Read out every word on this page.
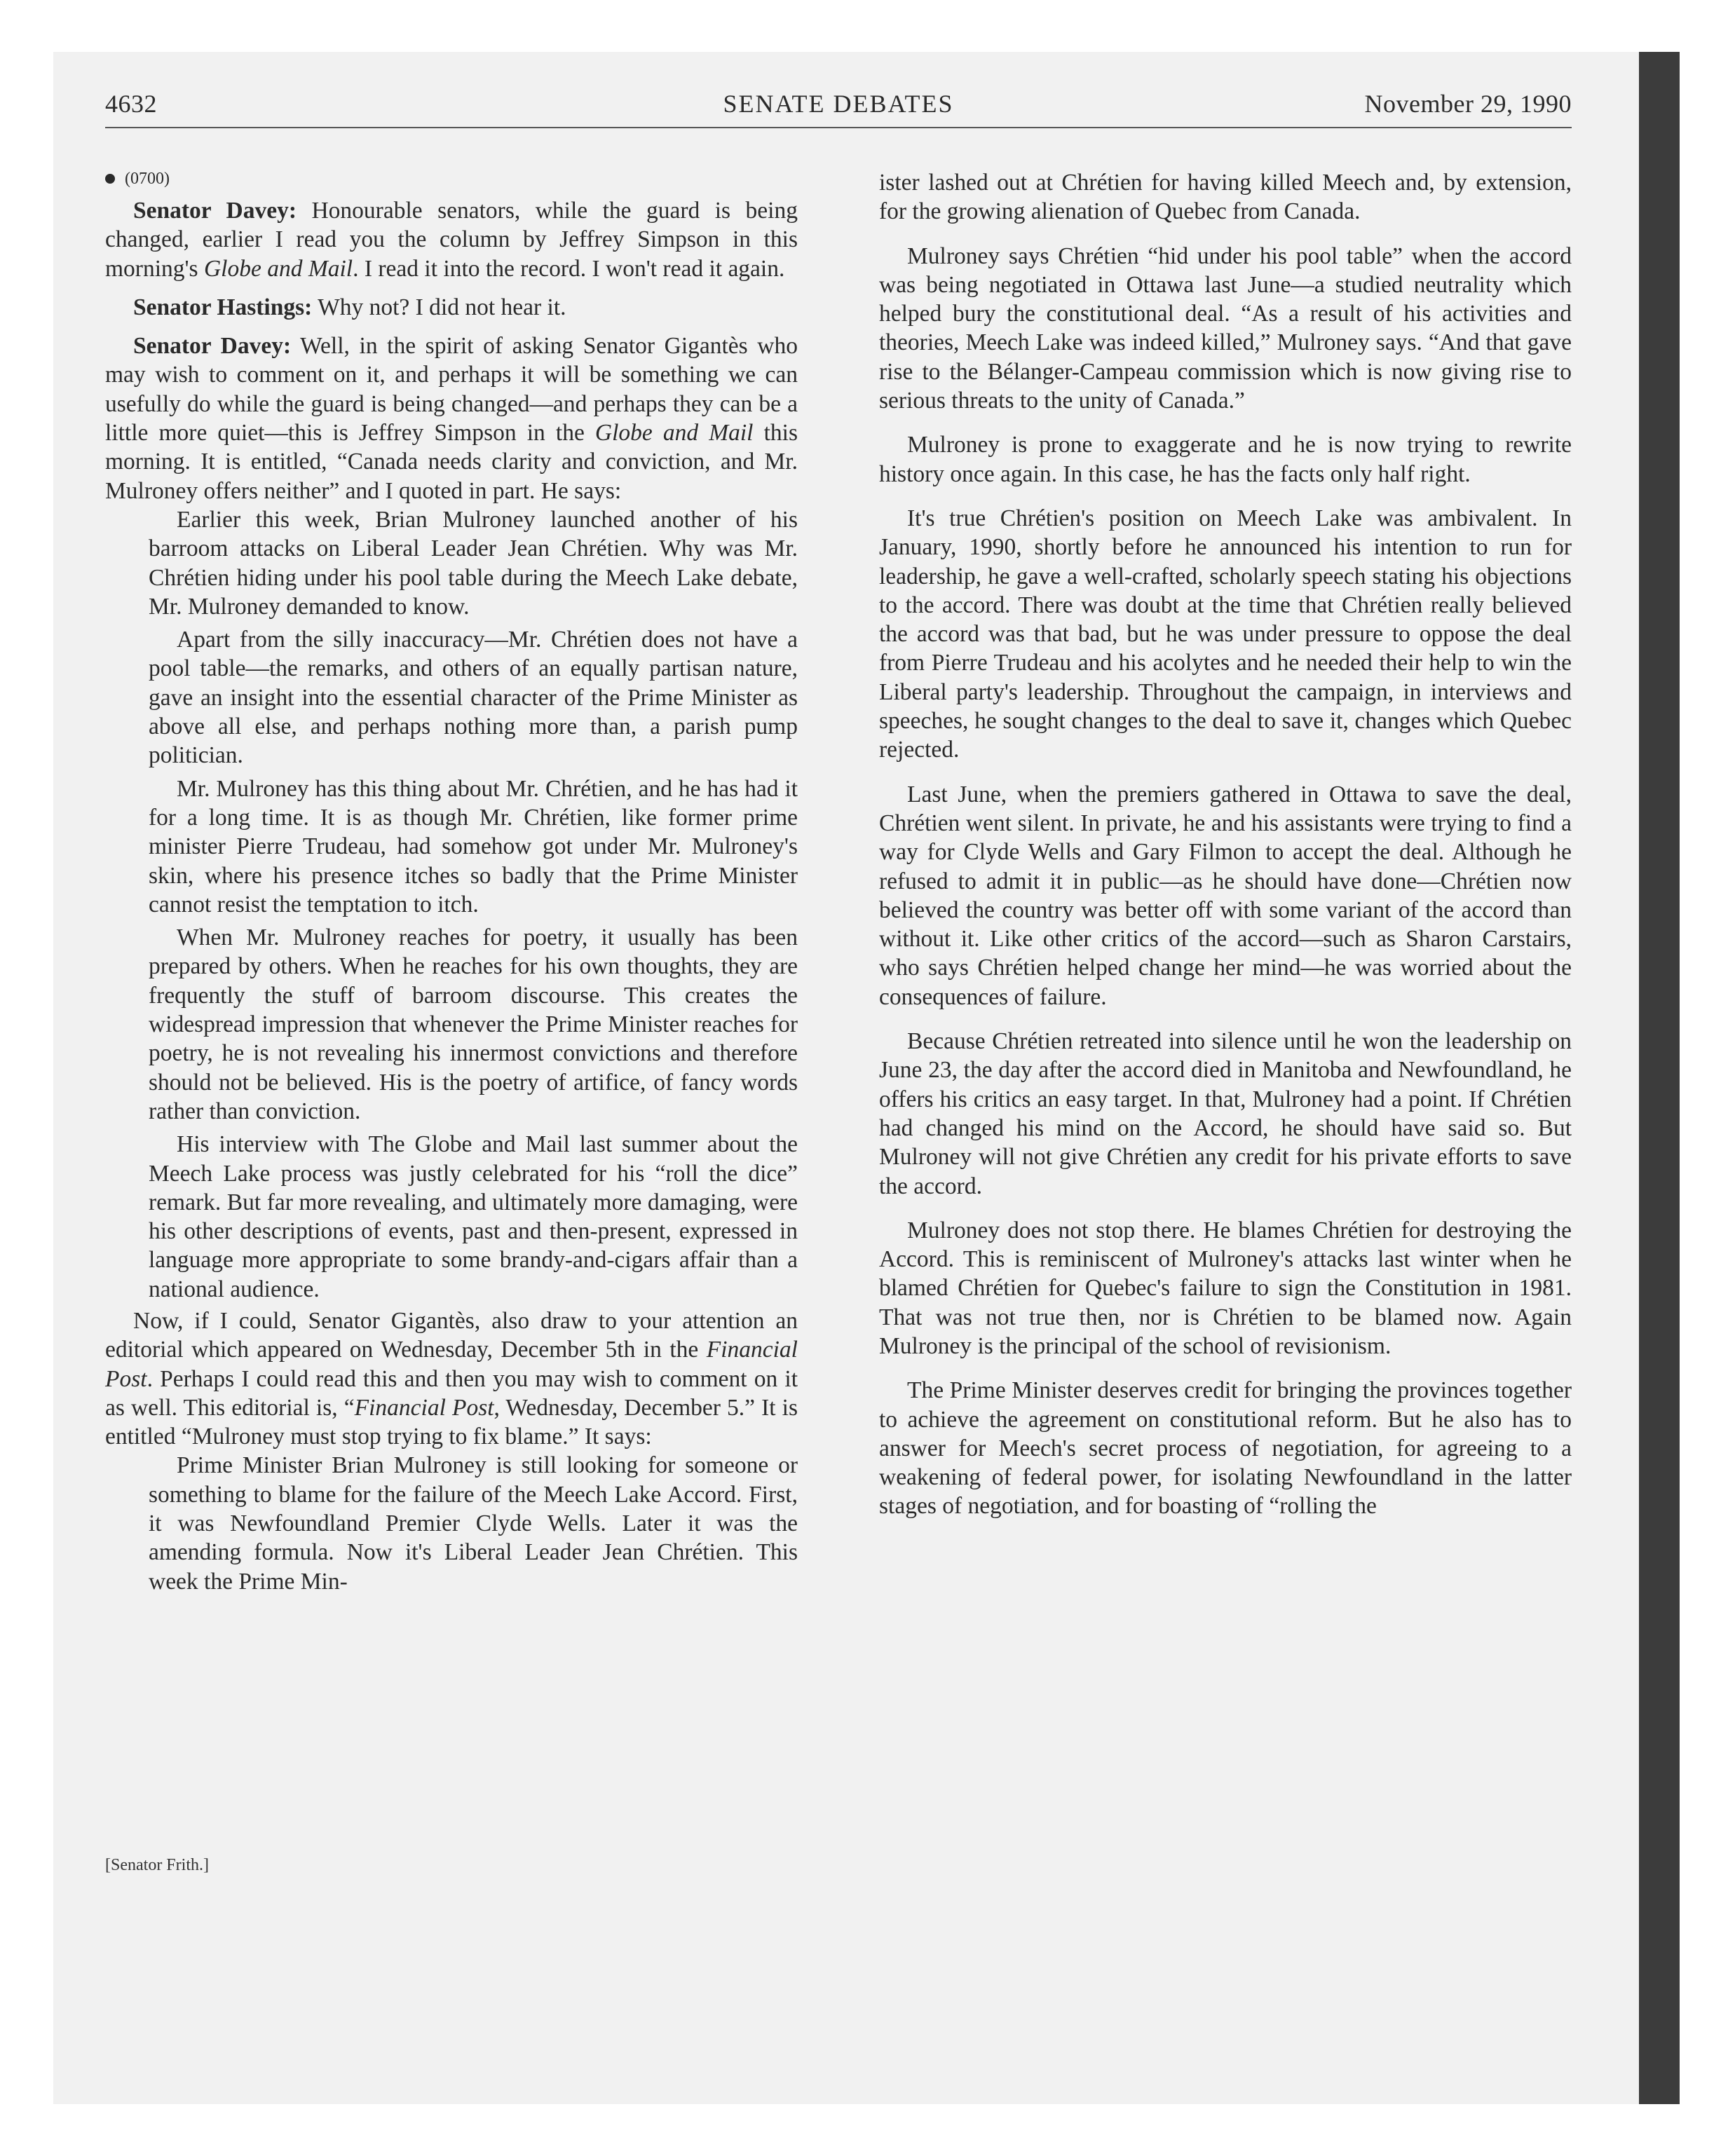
4632	SENATE DEBATES	November 29, 1990
(0700)

Senator Davey: Honourable senators, while the guard is being changed, earlier I read you the column by Jeffrey Simpson in this morning's Globe and Mail. I read it into the record. I won't read it again.

Senator Hastings: Why not? I did not hear it.

Senator Davey: Well, in the spirit of asking Senator Gigantès who may wish to comment on it, and perhaps it will be something we can usefully do while the guard is being changed—and perhaps they can be a little more quiet—this is Jeffrey Simpson in the Globe and Mail this morning. It is entitled, “Canada needs clarity and conviction, and Mr. Mulroney offers neither” and I quoted in part. He says:

Earlier this week, Brian Mulroney launched another of his barroom attacks on Liberal Leader Jean Chrétien. Why was Mr. Chrétien hiding under his pool table during the Meech Lake debate, Mr. Mulroney demanded to know.

Apart from the silly inaccuracy—Mr. Chrétien does not have a pool table—the remarks, and others of an equally partisan nature, gave an insight into the essential character of the Prime Minister as above all else, and perhaps nothing more than, a parish pump politician.

Mr. Mulroney has this thing about Mr. Chrétien, and he has had it for a long time. It is as though Mr. Chrétien, like former prime minister Pierre Trudeau, had somehow got under Mr. Mulroney's skin, where his presence itches so badly that the Prime Minister cannot resist the temptation to itch.

When Mr. Mulroney reaches for poetry, it usually has been prepared by others. When he reaches for his own thoughts, they are frequently the stuff of barroom discourse. This creates the widespread impression that whenever the Prime Minister reaches for poetry, he is not revealing his innermost convictions and therefore should not be believed. His is the poetry of artifice, of fancy words rather than conviction.

His interview with The Globe and Mail last summer about the Meech Lake process was justly celebrated for his “roll the dice” remark. But far more revealing, and ultimately more damaging, were his other descriptions of events, past and then-present, expressed in language more appropriate to some brandy-and-cigars affair than a national audience.

Now, if I could, Senator Gigantès, also draw to your attention an editorial which appeared on Wednesday, December 5th in the Financial Post. Perhaps I could read this and then you may wish to comment on it as well. This editorial is, “Financial Post, Wednesday, December 5.” It is entitled “Mulroney must stop trying to fix blame.” It says:

Prime Minister Brian Mulroney is still looking for someone or something to blame for the failure of the Meech Lake Accord. First, it was Newfoundland Premier Clyde Wells. Later it was the amending formula. Now it's Liberal Leader Jean Chrétien. This week the Prime Min-

[Senator Frith.]

ister lashed out at Chrétien for having killed Meech and, by extension, for the growing alienation of Quebec from Canada.

Mulroney says Chrétien “hid under his pool table” when the accord was being negotiated in Ottawa last June—a studied neutrality which helped bury the constitutional deal. “As a result of his activities and theories, Meech Lake was indeed killed,” Mulroney says. “And that gave rise to the Bélanger-Campeau commission which is now giving rise to serious threats to the unity of Canada.”

Mulroney is prone to exaggerate and he is now trying to rewrite history once again. In this case, he has the facts only half right.

It's true Chrétien's position on Meech Lake was ambivalent. In January, 1990, shortly before he announced his intention to run for leadership, he gave a well-crafted, scholarly speech stating his objections to the accord. There was doubt at the time that Chrétien really believed the accord was that bad, but he was under pressure to oppose the deal from Pierre Trudeau and his acolytes and he needed their help to win the Liberal party's leadership. Throughout the campaign, in interviews and speeches, he sought changes to the deal to save it, changes which Quebec rejected.

Last June, when the premiers gathered in Ottawa to save the deal, Chrétien went silent. In private, he and his assistants were trying to find a way for Clyde Wells and Gary Filmon to accept the deal. Although he refused to admit it in public—as he should have done—Chrétien now believed the country was better off with some variant of the accord than without it. Like other critics of the accord—such as Sharon Carstairs, who says Chrétien helped change her mind—he was worried about the consequences of failure.

Because Chrétien retreated into silence until he won the leadership on June 23, the day after the accord died in Manitoba and Newfoundland, he offers his critics an easy target. In that, Mulroney had a point. If Chrétien had changed his mind on the Accord, he should have said so. But Mulroney will not give Chrétien any credit for his private efforts to save the accord.

Mulroney does not stop there. He blames Chrétien for destroying the Accord. This is reminiscent of Mulroney's attacks last winter when he blamed Chrétien for Quebec's failure to sign the Constitution in 1981. That was not true then, nor is Chrétien to be blamed now. Again Mulroney is the principal of the school of revisionism.

The Prime Minister deserves credit for bringing the provinces together to achieve the agreement on constitutional reform. But he also has to answer for Meech's secret process of negotiation, for agreeing to a weakening of federal power, for isolating Newfoundland in the latter stages of negotiation, and for boasting of “rolling the
